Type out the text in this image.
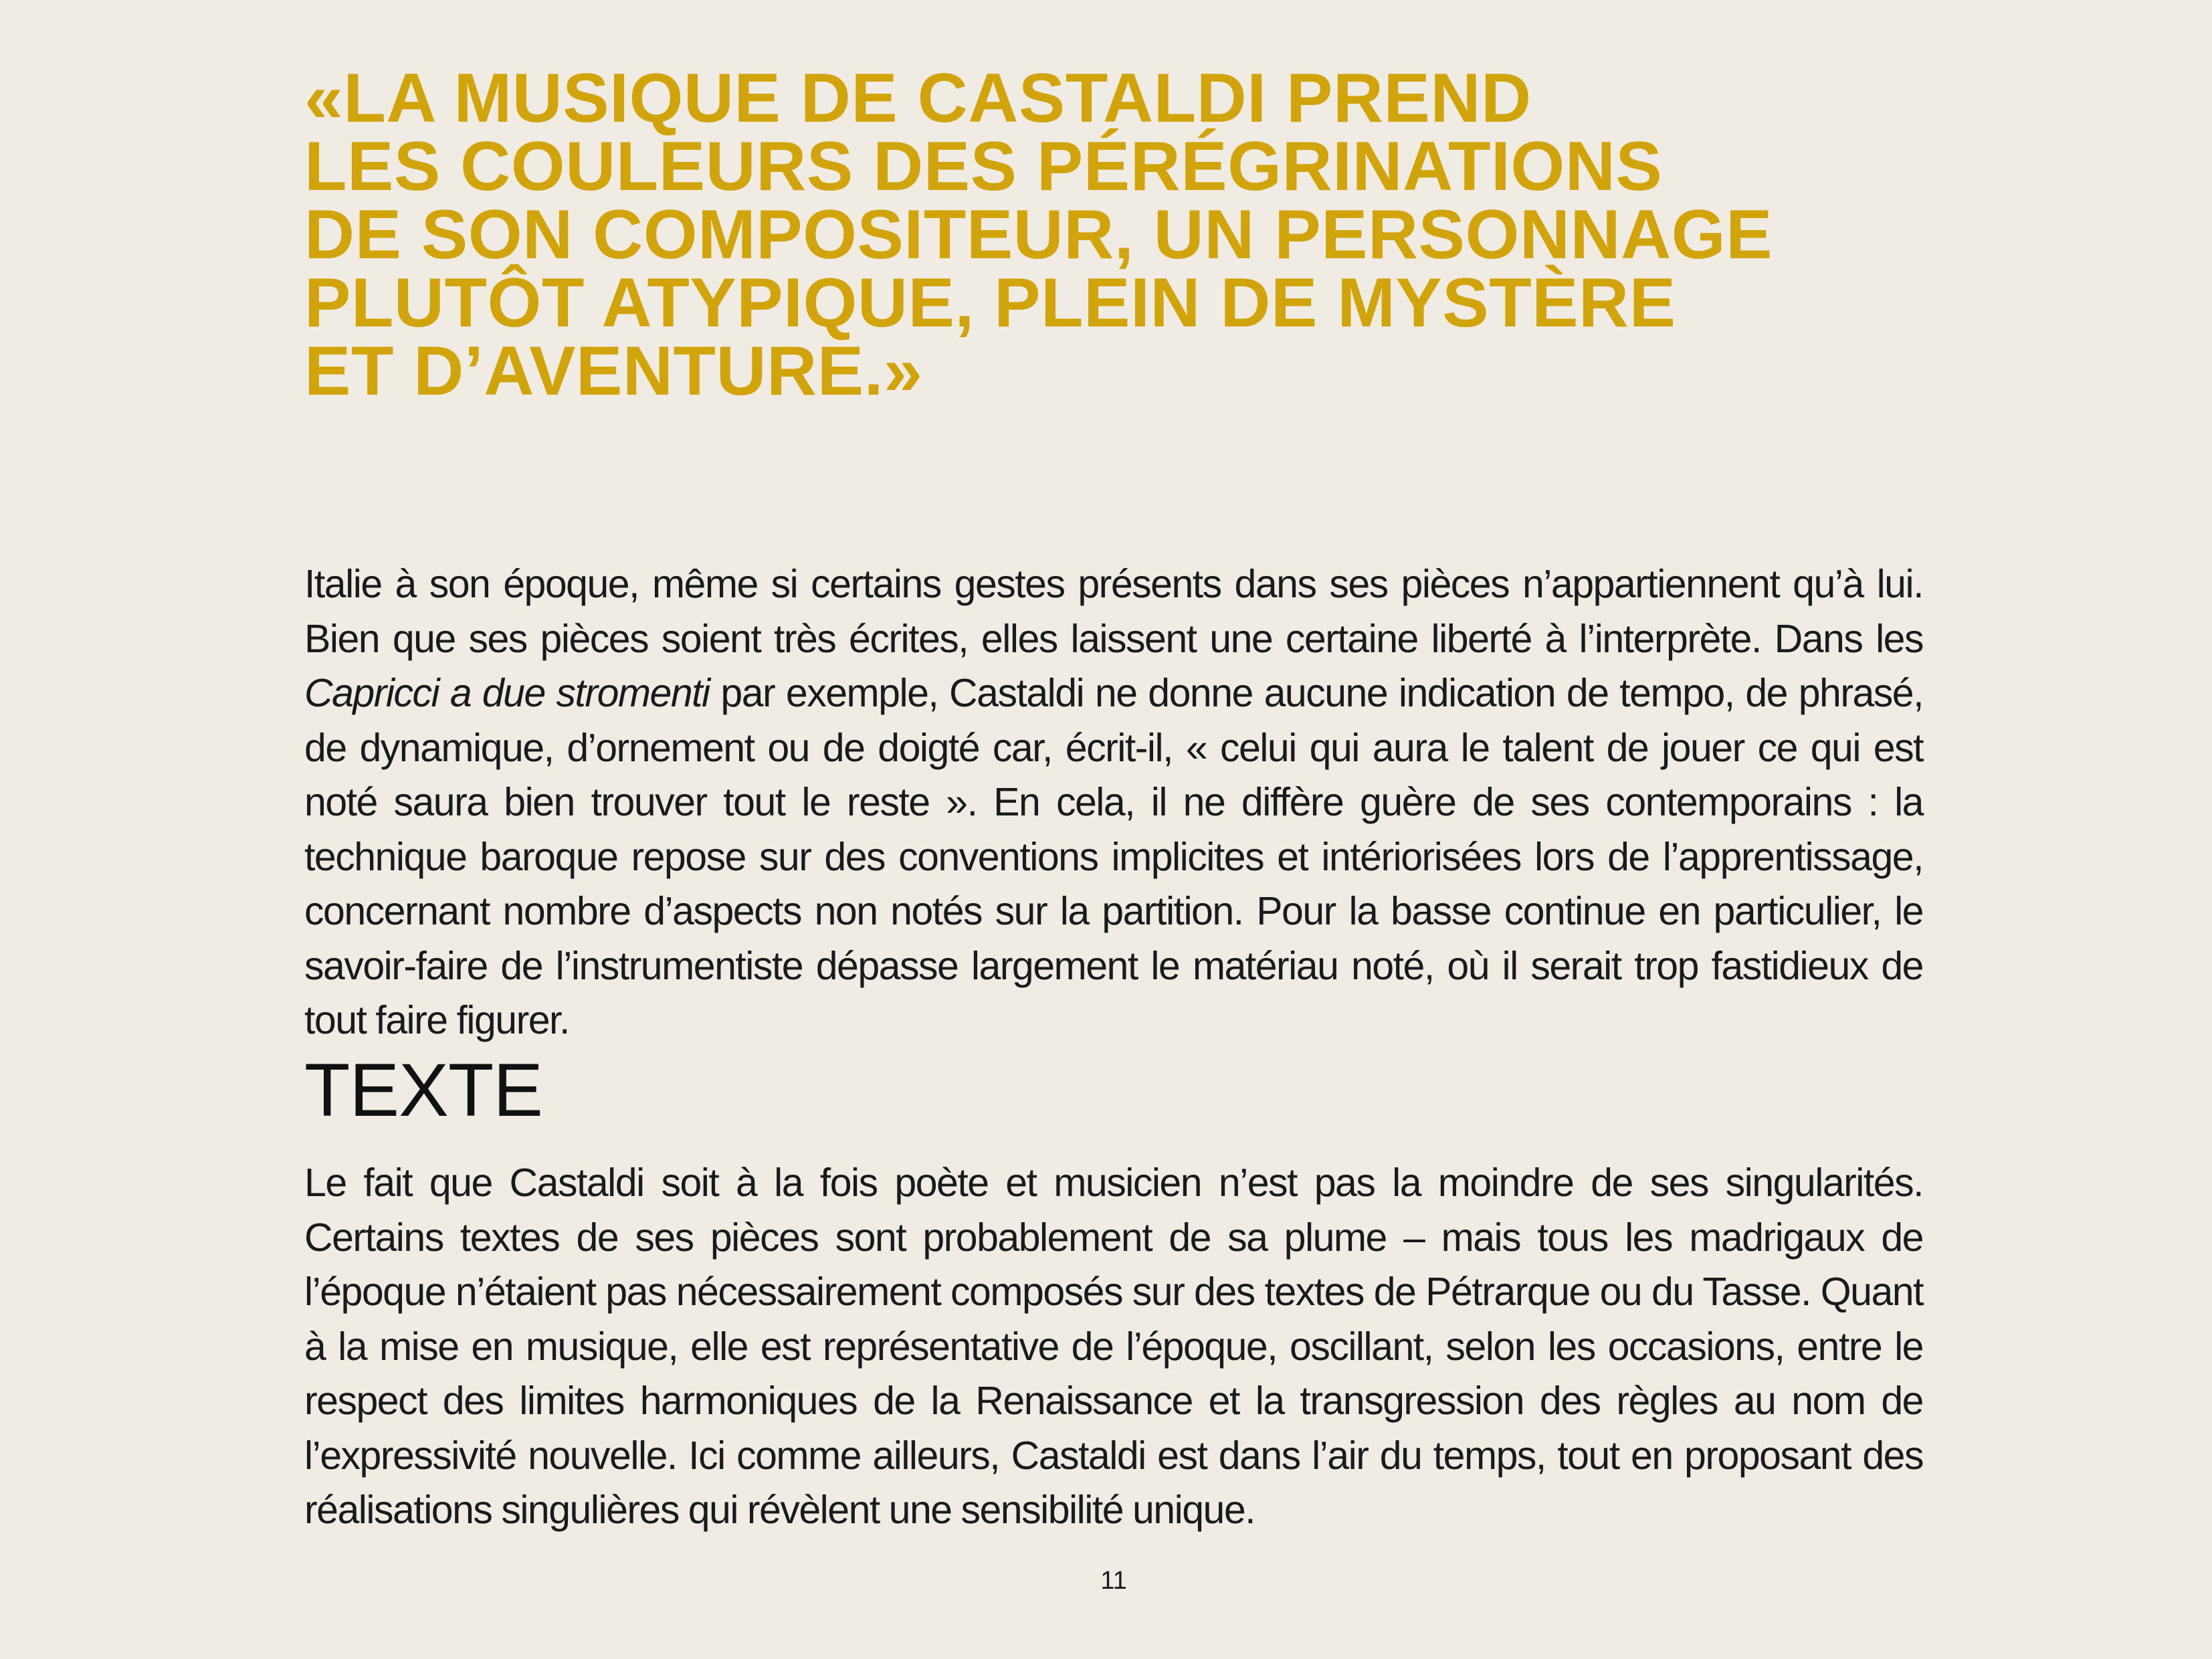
«LA MUSIQUE DE CASTALDI PREND
LES COULEURS DES PÉRÉGRINATIONS
DE SON COMPOSITEUR, UN PERSONNAGE
PLUTÔT ATYPIQUE, PLEIN DE MYSTÈRE
ET D’AVENTURE.»

Italie à son époque, même si certains gestes présents dans ses pièces n’appartiennent qu’à lui. Bien que ses pièces soient très écrites, elles laissent une certaine liberté à l’interprète. Dans les Capricci a due stromenti par exemple, Castaldi ne donne aucune indication de tempo, de phrasé, de dynamique, d’ornement ou de doigté car, écrit-il, « celui qui aura le talent de jouer ce qui est noté saura bien trouver tout le reste ». En cela, il ne diffère guère de ses contemporains : la technique baroque repose sur des conventions implicites et intériorisées lors de l’apprentissage, concernant nombre d’aspects non notés sur la partition. Pour la basse continue en particulier, le savoir-faire de l’instrumentiste dépasse largement le matériau noté, où il serait trop fastidieux de tout faire figurer.

TEXTE

Le fait que Castaldi soit à la fois poète et musicien n’est pas la moindre de ses singularités. Certains textes de ses pièces sont probablement de sa plume – mais tous les madrigaux de l’époque n’étaient pas nécessairement composés sur des textes de Pétrarque ou du Tasse. Quant à la mise en musique, elle est représentative de l’époque, oscillant, selon les occasions, entre le respect des limites harmoniques de la Renaissance et la transgression des règles au nom de l’expressivité nouvelle. Ici comme ailleurs, Castaldi est dans l’air du temps, tout en proposant des réalisations singulières qui révèlent une sensibilité unique.

11
